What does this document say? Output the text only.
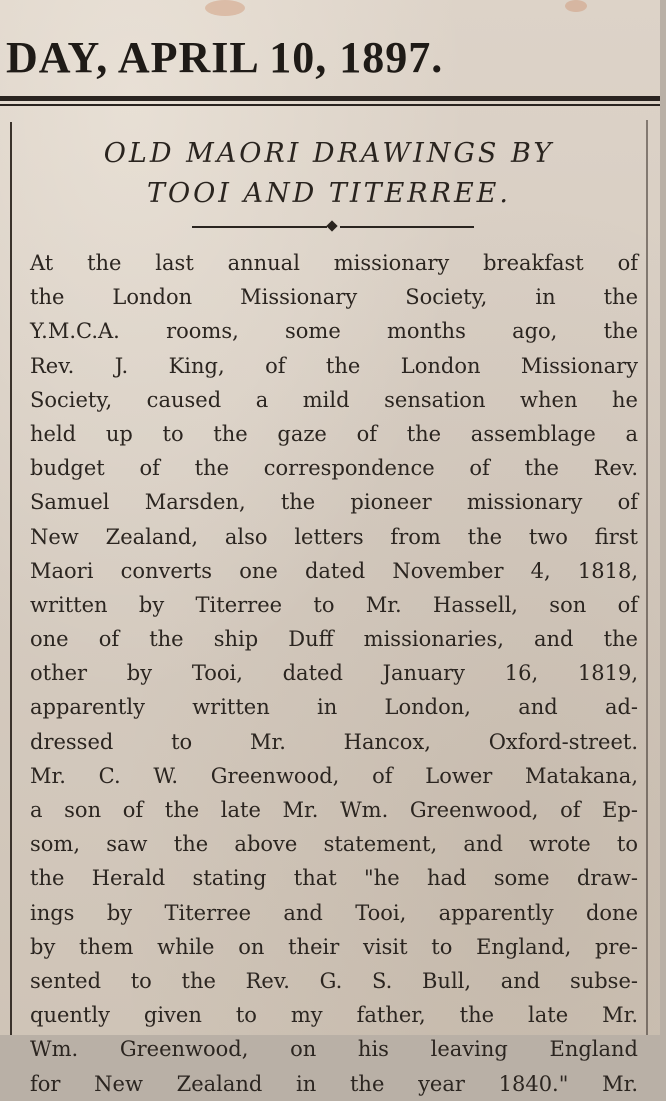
DAY, APRIL 10, 1897.
OLD MAORI DRAWINGS BY
TOOI AND TITERREE.
At the last annual missionary breakfast of
the London Missionary Society, in the
Y.M.C.A. rooms, some months ago, the
Rev. J. King, of the London Missionary
Society, caused a mild sensation when he
held up to the gaze of the assemblage a
budget of the correspondence of the Rev.
Samuel Marsden, the pioneer missionary of
New Zealand, also letters from the two first
Maori converts one dated November 4, 1818,
written by Titerree to Mr. Hassell, son of
one of the ship Duff missionaries, and the
other by Tooi, dated January 16, 1819,
apparently written in London, and ad-
dressed to Mr. Hancox, Oxford-street.
Mr. C. W. Greenwood, of Lower Matakana,
a son of the late Mr. Wm. Greenwood, of Ep-
som, saw the above statement, and wrote to
the Herald stating that "he had some draw-
ings by Titerree and Tooi, apparently done
by them while on their visit to England, pre-
sented to the Rev. G. S. Bull, and subse-
quently given to my father, the late Mr.
Wm. Greenwood, on his leaving England
for New Zealand in the year 1840." Mr.
